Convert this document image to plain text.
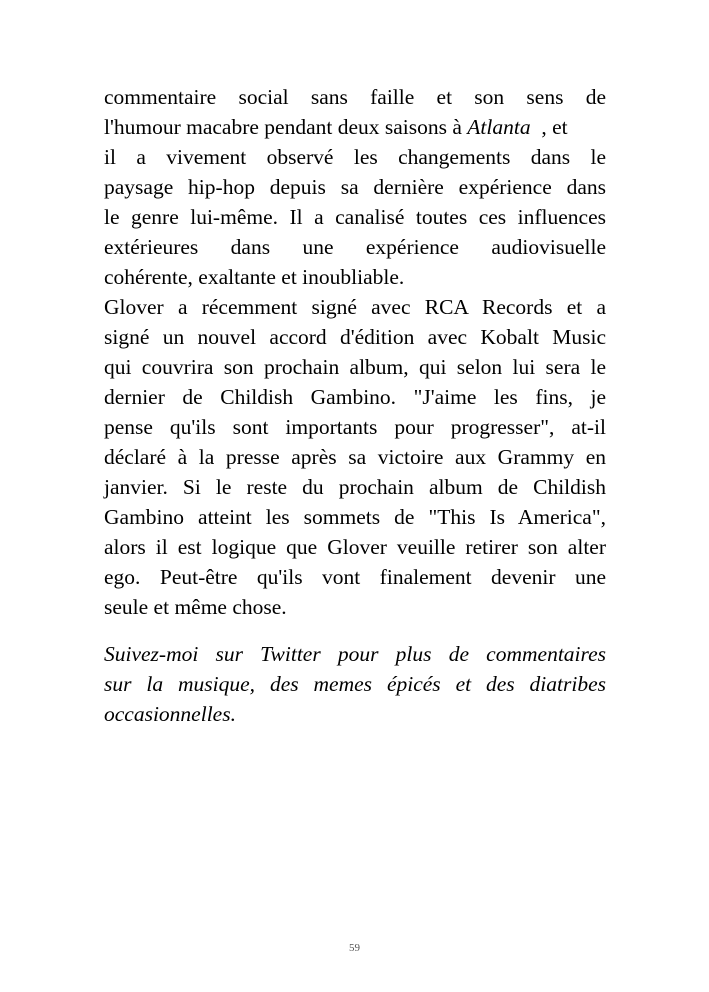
commentaire social sans faille et son sens de
l'humour macabre pendant deux saisons à Atlanta  , et
il a vivement observé les changements dans le
paysage hip-hop depuis sa dernière expérience dans
le genre lui-même. Il a canalisé toutes ces influences
extérieures dans une expérience audiovisuelle
cohérente, exaltante et inoubliable.
Glover a récemment signé avec RCA Records et a
signé un nouvel accord d'édition avec Kobalt Music
qui couvrira son prochain album, qui selon lui sera le
dernier de Childish Gambino. "J'aime les fins, je
pense qu'ils sont importants pour progresser", at-il
déclaré à la presse après sa victoire aux Grammy en
janvier. Si le reste du prochain album de Childish
Gambino atteint les sommets de "This Is America",
alors il est logique que Glover veuille retirer son alter
ego. Peut-être qu'ils vont finalement devenir une
seule et même chose.
Suivez-moi sur Twitter pour plus de commentaires
sur la musique, des memes épicés et des diatribes
occasionnelles.
59
